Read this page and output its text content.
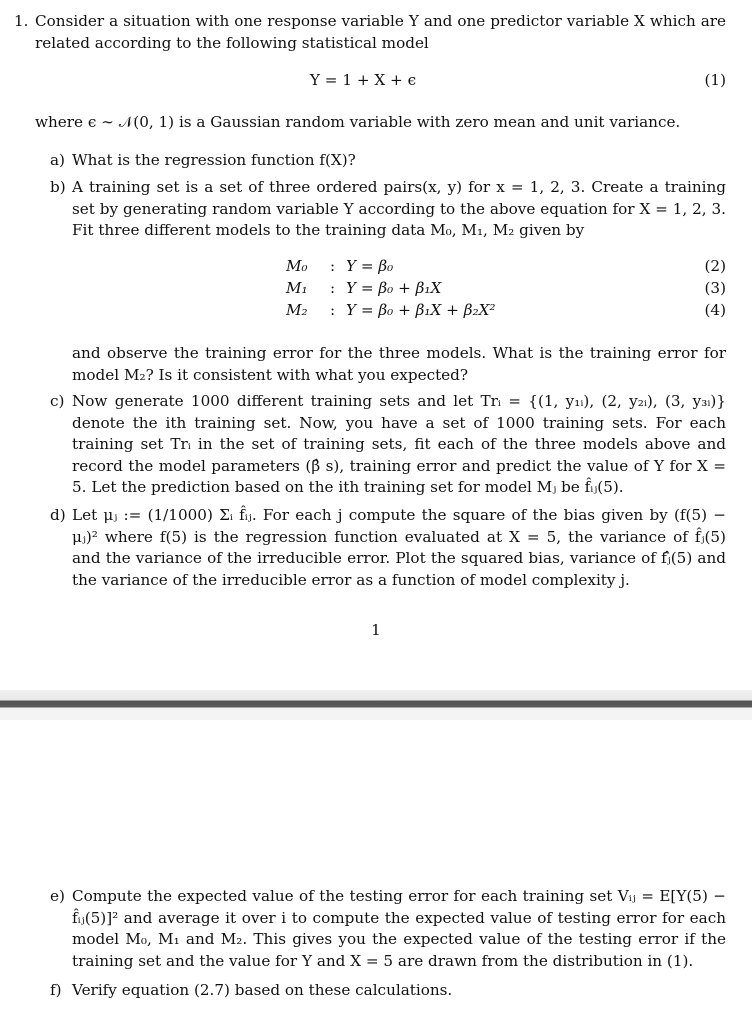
1. Consider a situation with one response variable Y and one predictor variable X which are related according to the following statistical model
Y = 1 + X + ϵ	(1)
where ϵ ∼ 𝒩(0, 1) is a Gaussian random variable with zero mean and unit variance.
a) What is the regression function f(X)?
b) A training set is a set of three ordered pairs(x, y) for x = 1, 2, 3. Create a training set by generating random variable Y according to the above equation for X = 1, 2, 3. Fit three different models to the training data M₀, M₁, M₂ given by
M₀	: Y = β₀	(2)
M₁	: Y = β₀ + β₁X	(3)
M₂	: Y = β₀ + β₁X + β₂X²	(4)
and observe the training error for the three models. What is the training error for model M₂? Is it consistent with what you expected?
c) Now generate 1000 different training sets and let Trᵢ = {(1, y₁ᵢ), (2, y₂ᵢ), (3, y₃ᵢ)} denote the ith training set. Now, you have a set of 1000 training sets. For each training set Trᵢ in the set of training sets, fit each of the three models above and record the model parameters (β̂ s), training error and predict the value of Y for X = 5. Let the prediction based on the ith training set for model Mⱼ be f̂ᵢⱼ(5).
d) Let μⱼ := (1/1000) Σᵢ f̂ᵢⱼ. For each j compute the square of the bias given by (f(5) − μⱼ)² where f(5) is the regression function evaluated at X = 5, the variance of f̂ⱼ(5) and the variance of the irreducible error. Plot the squared bias, variance of fⱼ̂(5) and the variance of the irreducible error as a function of model complexity j.
1
e) Compute the expected value of the testing error for each training set Vᵢⱼ = E[Y(5) − f̂ᵢⱼ(5)]² and average it over i to compute the expected value of testing error for each model M₀, M₁ and M₂. This gives you the expected value of the testing error if the training set and the value for Y and X = 5 are drawn from the distribution in (1).
f) Verify equation (2.7) based on these calculations.
